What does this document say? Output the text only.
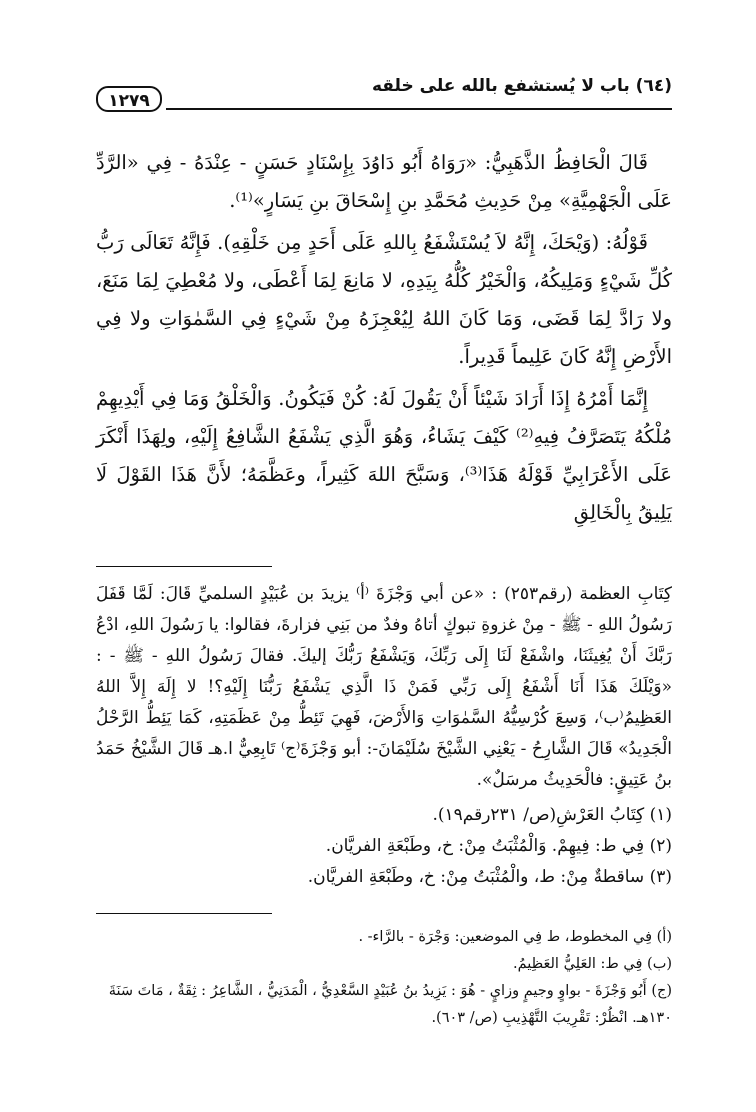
(٦٤) باب لا يُستشفع بالله على خلقه
١٢٧٩

قَالَ الْحَافِظُ الذَّهَبِيُّ: «رَوَاهُ أَبُو دَاوُدَ بِإِسْنَادٍ حَسَنٍ - عِنْدَهُ - فِي «الرَّدِّ عَلَى الْجَهْمِيَّةِ» مِنْ حَدِيثِ مُحَمَّدِ بنِ إِسْحَاقَ بنِ يَسَارٍ»⁽¹⁾.

قَوْلُهُ: (وَيْحَكَ، إِنَّهُ لاَ يُسْتَشْفَعُ بِاللهِ عَلَى أَحَدٍ مِن خَلْقِهِ). فَإِنَّهُ تَعَالَى رَبُّ كُلِّ شَيْءٍ وَمَلِيكُهُ، وَالْخَيْرُ كُلُّهُ بِيَدِهِ، لا مَانِعَ لِمَا أَعْطَى، ولا مُعْطِيَ لِمَا مَنَعَ، ولا رَادَّ لِمَا قَضَى، وَمَا كَانَ اللهُ لِيُعْجِزَهُ مِنْ شَيْءٍ فِي السَّمٰوَاتِ ولا فِي الأَرْضِ إِنَّهُ كَانَ عَلِيماً قَدِيراً.

إِنَّمَا أَمْرُهُ إِذَا أَرَادَ شَيْئاً أَنْ يَقُولَ لَهُ: كُنْ فَيَكُونُ. وَالْخَلْقُ وَمَا فِي أَيْدِيهِمْ مُلْكُهُ يَتَصَرَّفُ فِيهِ⁽²⁾ كَيْفَ يَشَاءُ، وَهُوَ الَّذِي يَشْفَعُ الشَّافِعُ إِلَيْهِ، ولِهَذَا أَنْكَرَ عَلَى الأَعْرَابِيِّ قَوْلَهُ هَذَا⁽³⁾، وَسَبَّحَ اللهَ كَثِيراً، وعَظَّمَهُ؛ لأَنَّ هَذَا القَوْلَ لَا يَلِيقُ بِالْخَالِقِ

كِتَابِ العظمة (رقم٢٥٣) : «عن أبي وَجْزَةَ ⁽أ⁾ يزيدَ بن عُبَيْدٍ السلميِّ قَالَ: لَمَّا قَفَلَ رَسُولُ اللهِ - ﷺ - مِنْ غزوةِ تبوكٍ أتاهُ وفدٌ من بَنِي فزارةَ، فقالوا: يا رَسُولَ اللهِ، ادْعُ رَبَّكَ أَنْ يُغِيثَنَا، واشْفَعْ لَنَا إِلَى رَبِّكَ، وَيَشْفَعُ رَبُّكَ إليكَ. فقالَ رَسُولُ اللهِ - ﷺ - : «وَيْلَكَ هَذَا أَنَا أَشْفَعُ إِلَى رَبِّي فَمَنْ ذَا الَّذِي يَشْفَعُ رَبُّنَا إِلَيْهِ؟! لا إِلَهَ إِلاَّ اللهُ العَظِيمُ⁽ب⁾، وَسِعَ كُرْسِيُّهُ السَّمٰوَاتِ وَالأَرْضَ، فَهِيَ تَئِطُّ مِنْ عَظَمَتِهِ، كَمَا يَئِطُّ الرَّحْلُ الْجَدِيدُ» قَالَ الشَّارِحُ - يَعْنِي الشَّيْخَ سُلَيْمَانَ-: أبو وَجْزَةَ⁽ج⁾ تَابِعِيٌّ ا.هـ قَالَ الشَّيْخُ حَمَدُ بنُ عَتِيقٍ: فالْحَدِيثُ مرسَلٌ».

(١) كِتَابُ العَرْشِ(ص/ ٢٣١رقم١٩).
(٢) فِي ط: فِيهِمْ. وَالْمُثْبَتُ مِنْ: خ، وطَبْعَةِ الفريَّان.
(٣) ساقطةٌ مِنْ: ط، والْمُثْبَتُ مِنْ: خ، وطَبْعَةِ الفريَّان.
(أ) فِي المخطوط، ط فِي الموضعين: وَجْرَة - بالرَّاء- .
(ب) فِي ط: العَلِيُّ العَظِيمُ.
(ج) أَبُو وَجْزَةَ - بواوٍ وجيمٍ وزايٍ - هُوَ : يَزِيدُ بنُ عُبَيْدٍ السَّعْدِيُّ ، الْمَدَنِيُّ ، الشَّاعِرُ : ثِقَةٌ ، مَاتَ سَنَةَ
١٣٠هـ. انْظُرْ: تَقْرِيبَ التَّهْذِيبِ (ص/ ٦٠٣).
